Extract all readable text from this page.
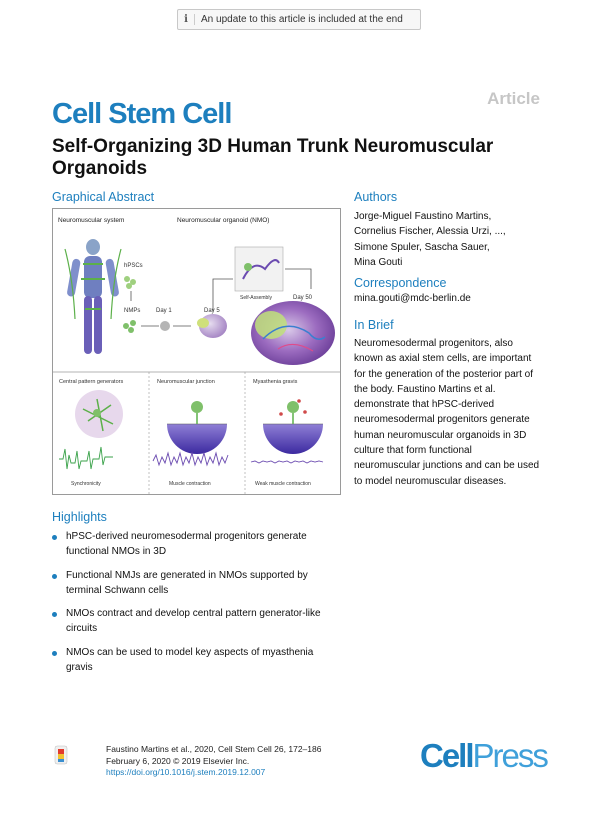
i	An update to this article is included at the end
Article
Cell Stem Cell
Self-Organizing 3D Human Trunk Neuromuscular Organoids
Graphical Abstract
Neuromuscular system	Neuromuscular organoid (NMO)
hPSCs
NMPs	Day 1	Day 5
Self-Assembly	Day 50
Central pattern generators	Neuromuscular junction	Myasthenia gravis
Synchronicity	Muscle contraction	Weak muscle contraction
Authors
Jorge-Miguel Faustino Martins,
Cornelius Fischer, Alessia Urzi, ...,
Simone Spuler, Sascha Sauer,
Mina Gouti
Correspondence
mina.gouti@mdc-berlin.de
In Brief
Neuromesodermal progenitors, also
known as axial stem cells, are important
for the generation of the posterior part of
the body. Faustino Martins et al.
demonstrate that hPSC-derived
neuromesodermal progenitors generate
human neuromuscular organoids in 3D
culture that form functional
neuromuscular junctions and can be used
to model neuromuscular diseases.
Highlights
hPSC-derived neuromesodermal progenitors generate
functional NMOs in 3D
Functional NMJs are generated in NMOs supported by
terminal Schwann cells
NMOs contract and develop central pattern generator-like
circuits
NMOs can be used to model key aspects of myasthenia
gravis
Faustino Martins et al., 2020, Cell Stem Cell 26, 172–186
February 6, 2020 © 2019 Elsevier Inc.
https://doi.org/10.1016/j.stem.2019.12.007	CellPress
